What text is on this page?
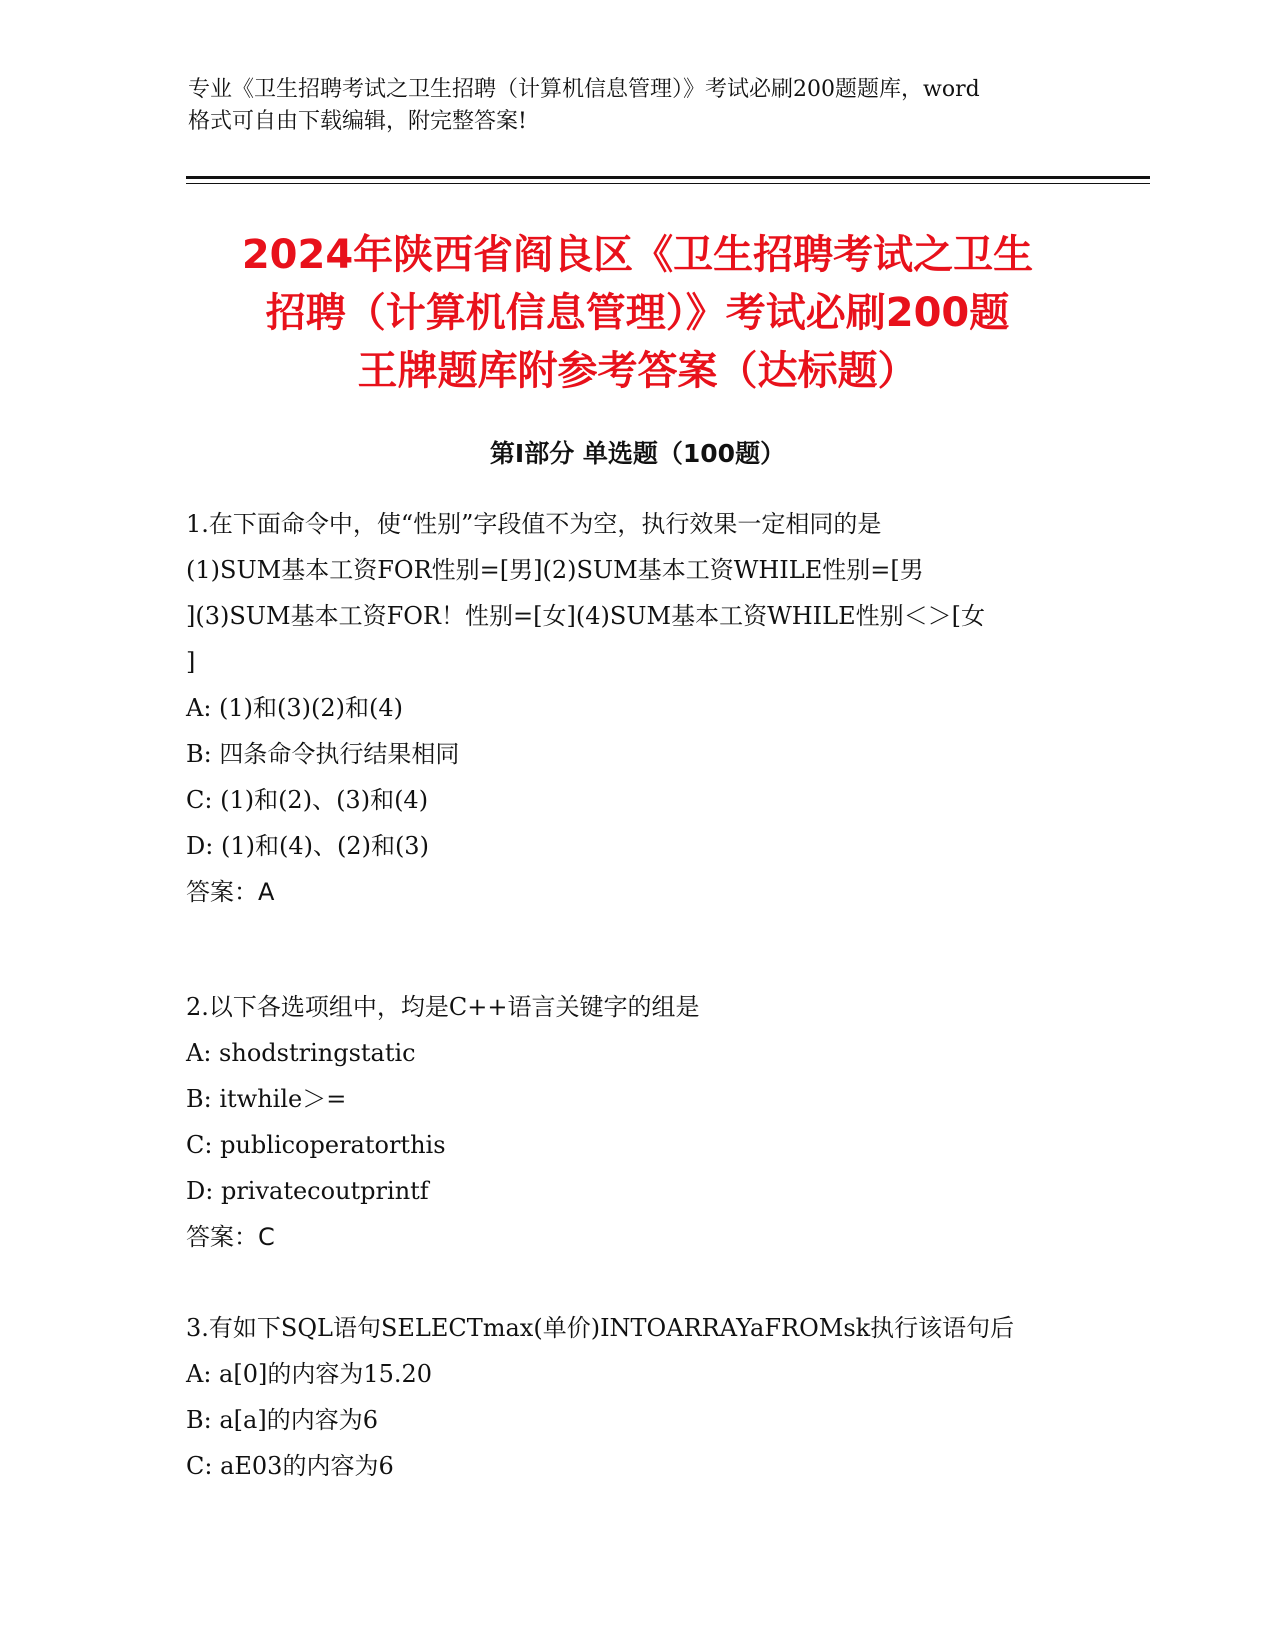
专业《卫生招聘考试之卫生招聘（计算机信息管理）》考试必刷200题题库，word
格式可自由下载编辑，附完整答案!
2024年陕西省阎良区《卫生招聘考试之卫生
招聘（计算机信息管理）》考试必刷200题
王牌题库附参考答案（达标题）
第I部分 单选题（100题）
1.在下面命令中，使“性别”字段值不为空，执行效果一定相同的是
(1)SUM基本工资FOR性别=[男](2)SUM基本工资WHILE性别=[男
](3)SUM基本工资FOR！性别=[女](4)SUM基本工资WHILE性别＜＞[女
]
A: (1)和(3)(2)和(4)
B: 四条命令执行结果相同
C: (1)和(2)、(3)和(4)
D: (1)和(4)、(2)和(3)
答案：A
2.以下各选项组中，均是C++语言关键字的组是
A: shodstringstatic
B: itwhile＞=
C: publicoperatorthis
D: privatecoutprintf
答案：C
3.有如下SQL语句SELECTmax(单价)INTOARRAYaFROMsk执行该语句后
A: a[0]的内容为15.20
B: a[a]的内容为6
C: aE03的内容为6
